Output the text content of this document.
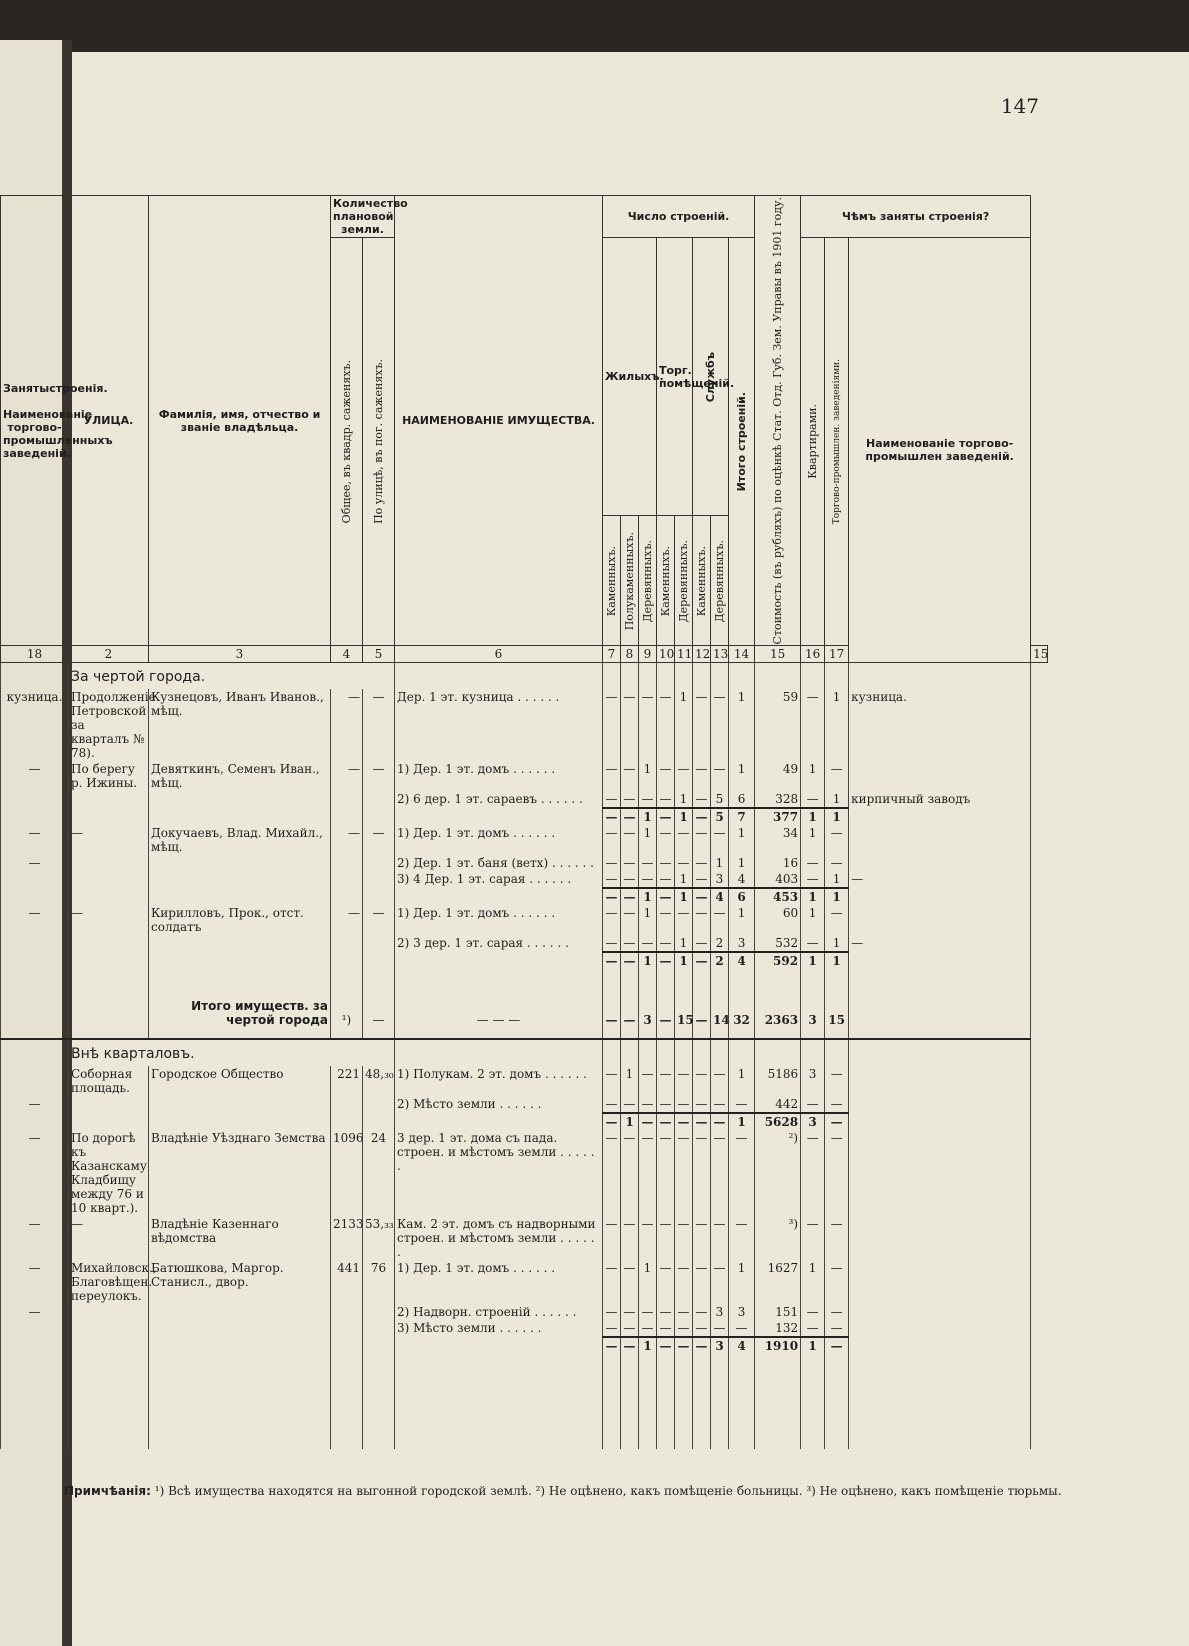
147
Занятыстроенія.

Наименованіе торгово-промышленныхъ заведеній.	УЛИЦА.	Фамилія, имя, отчество и званіе владѣльца.	Количество плановой земли.		НАИМЕНОВАНІЕ ИМУЩЕСТВА.	Число строеній.								Стоимость (въ рубляхъ) по оцѣнкѣ Стат. Отд. Губ. Зем. Управы въ 1901 году.	Чѣмъ заняты строенія?			

			Общее, въ квадр. саженяхъ.	По улицѣ, въ пог. саженяхъ.		Жилыхъ.			Торг. помѣщеній.		Службъ		Итого строеній.		Квартирами.	Торгово-промышлен. заведеніями.	Наименованіе торгово-промышлен заведеній.	

						Каменныхъ.	Полукаменныхъ.	Деревянныхъ.	Каменныхъ.	Деревянныхъ.	Каменныхъ.	Деревянныхъ.						

18	2	3	4	5	6	7	8	9	10	11	12	13	14	15	16	17		15
	За чертой города.																	
кузница.	Продолженіе Петровской за кварталъ № 78).	Кузнецовъ, Иванъ Иванов., мѣщ.	—	—	Дер. 1 эт. кузница . . .	—	—	—	—	1	—	—	1	59	—	1	кузница.	
—	По берегу р. Ижины.	Девяткинъ, Семенъ Иван., мѣщ.	—	—	1) Дер. 1 эт. домъ . . .	—	—	1	—	—	—	—	1	49	1	—		
					2) 6 дер. 1 эт. сараевъ . . .	—	—	—	—	1	—	5	6	328	—	1	кирпичный заводъ	
						—	—	1	—	1	—	5	7	377	1	1		
—	—	Докучаевъ, Влад. Михайл., мѣщ.	—	—	1) Дер. 1 эт. домъ . . .	—	—	1	—	—	—	—	1	34	1	—		
—					2) Дер. 1 эт. баня (ветх) . . .	—	—	—	—	—	—	1	1	16	—	—		
					3) 4 Дер. 1 эт. сарая . . .	—	—	—	—	1	—	3	4	403	—	1	—	
						—	—	1	—	1	—	4	6	453	1	1		
—	—	Кирилловъ, Прок., отст. солдатъ	—	—	1) Дер. 1 эт. домъ . . .	—	—	1	—	—	—	—	1	60	1	—		
					2) 3 дер. 1 эт. сарая . . .	—	—	—	—	1	—	2	3	532	—	1	—	
						—	—	1	—	1	—	2	4	592	1	1		
		Итого имуществ. за чертой города	¹)	—	— — —	—	—	3	—	15	—	14	32	2363	3	15		
	Внѣ кварталовъ.																	
	Соборная площадь.	Городское Общество	221	48,₃₀	1) Полукам. 2 эт. домъ . . .	—	1	—	—	—	—	—	1	5186	3	—		
—					2) Мѣсто земли . . .	—	—	—	—	—	—	—	—	442	—	—		
						—	1	—	—	—	—	—	1	5628	3	—		
—	По дорогѣ къ Казанскаму Кладбищу между 76 и 10 кварт.).	Владѣніе Уѣзднаго Земства	1096	24	3 дер. 1 эт. дома съ пада. строен. и мѣстомъ земли . . .	—	—	—	—	—	—	—	—	²)	—	—		
—	—	Владѣніе Казеннаго вѣдомства	2133	53,₃₃	Кам. 2 эт. домъ съ надворными строен. и мѣстомъ земли . . .	—	—	—	—	—	—	—	—	³)	—	—		
—	Михайловск., Благовѣщен. переулокъ.	Батюшкова, Маргор. Станисл., двор.	441	76	1) Дер. 1 эт. домъ . . .	—	—	1	—	—	—	—	1	1627	1	—		
—					2) Надворн. строеній . . .	—	—	—	—	—	—	3	3	151	—	—		
					3) Мѣсто земли . . .	—	—	—	—	—	—	—	—	132	—	—		
						—	—	1	—	—	—	3	4	1910	1	—		

Примчѣанія: ¹) Всѣ имущества находятся на выгонной городской землѣ. ²) Не оцѣнено, какъ помѣщеніе больницы. ³) Не оцѣнено, какъ помѣщеніе тюрьмы.
